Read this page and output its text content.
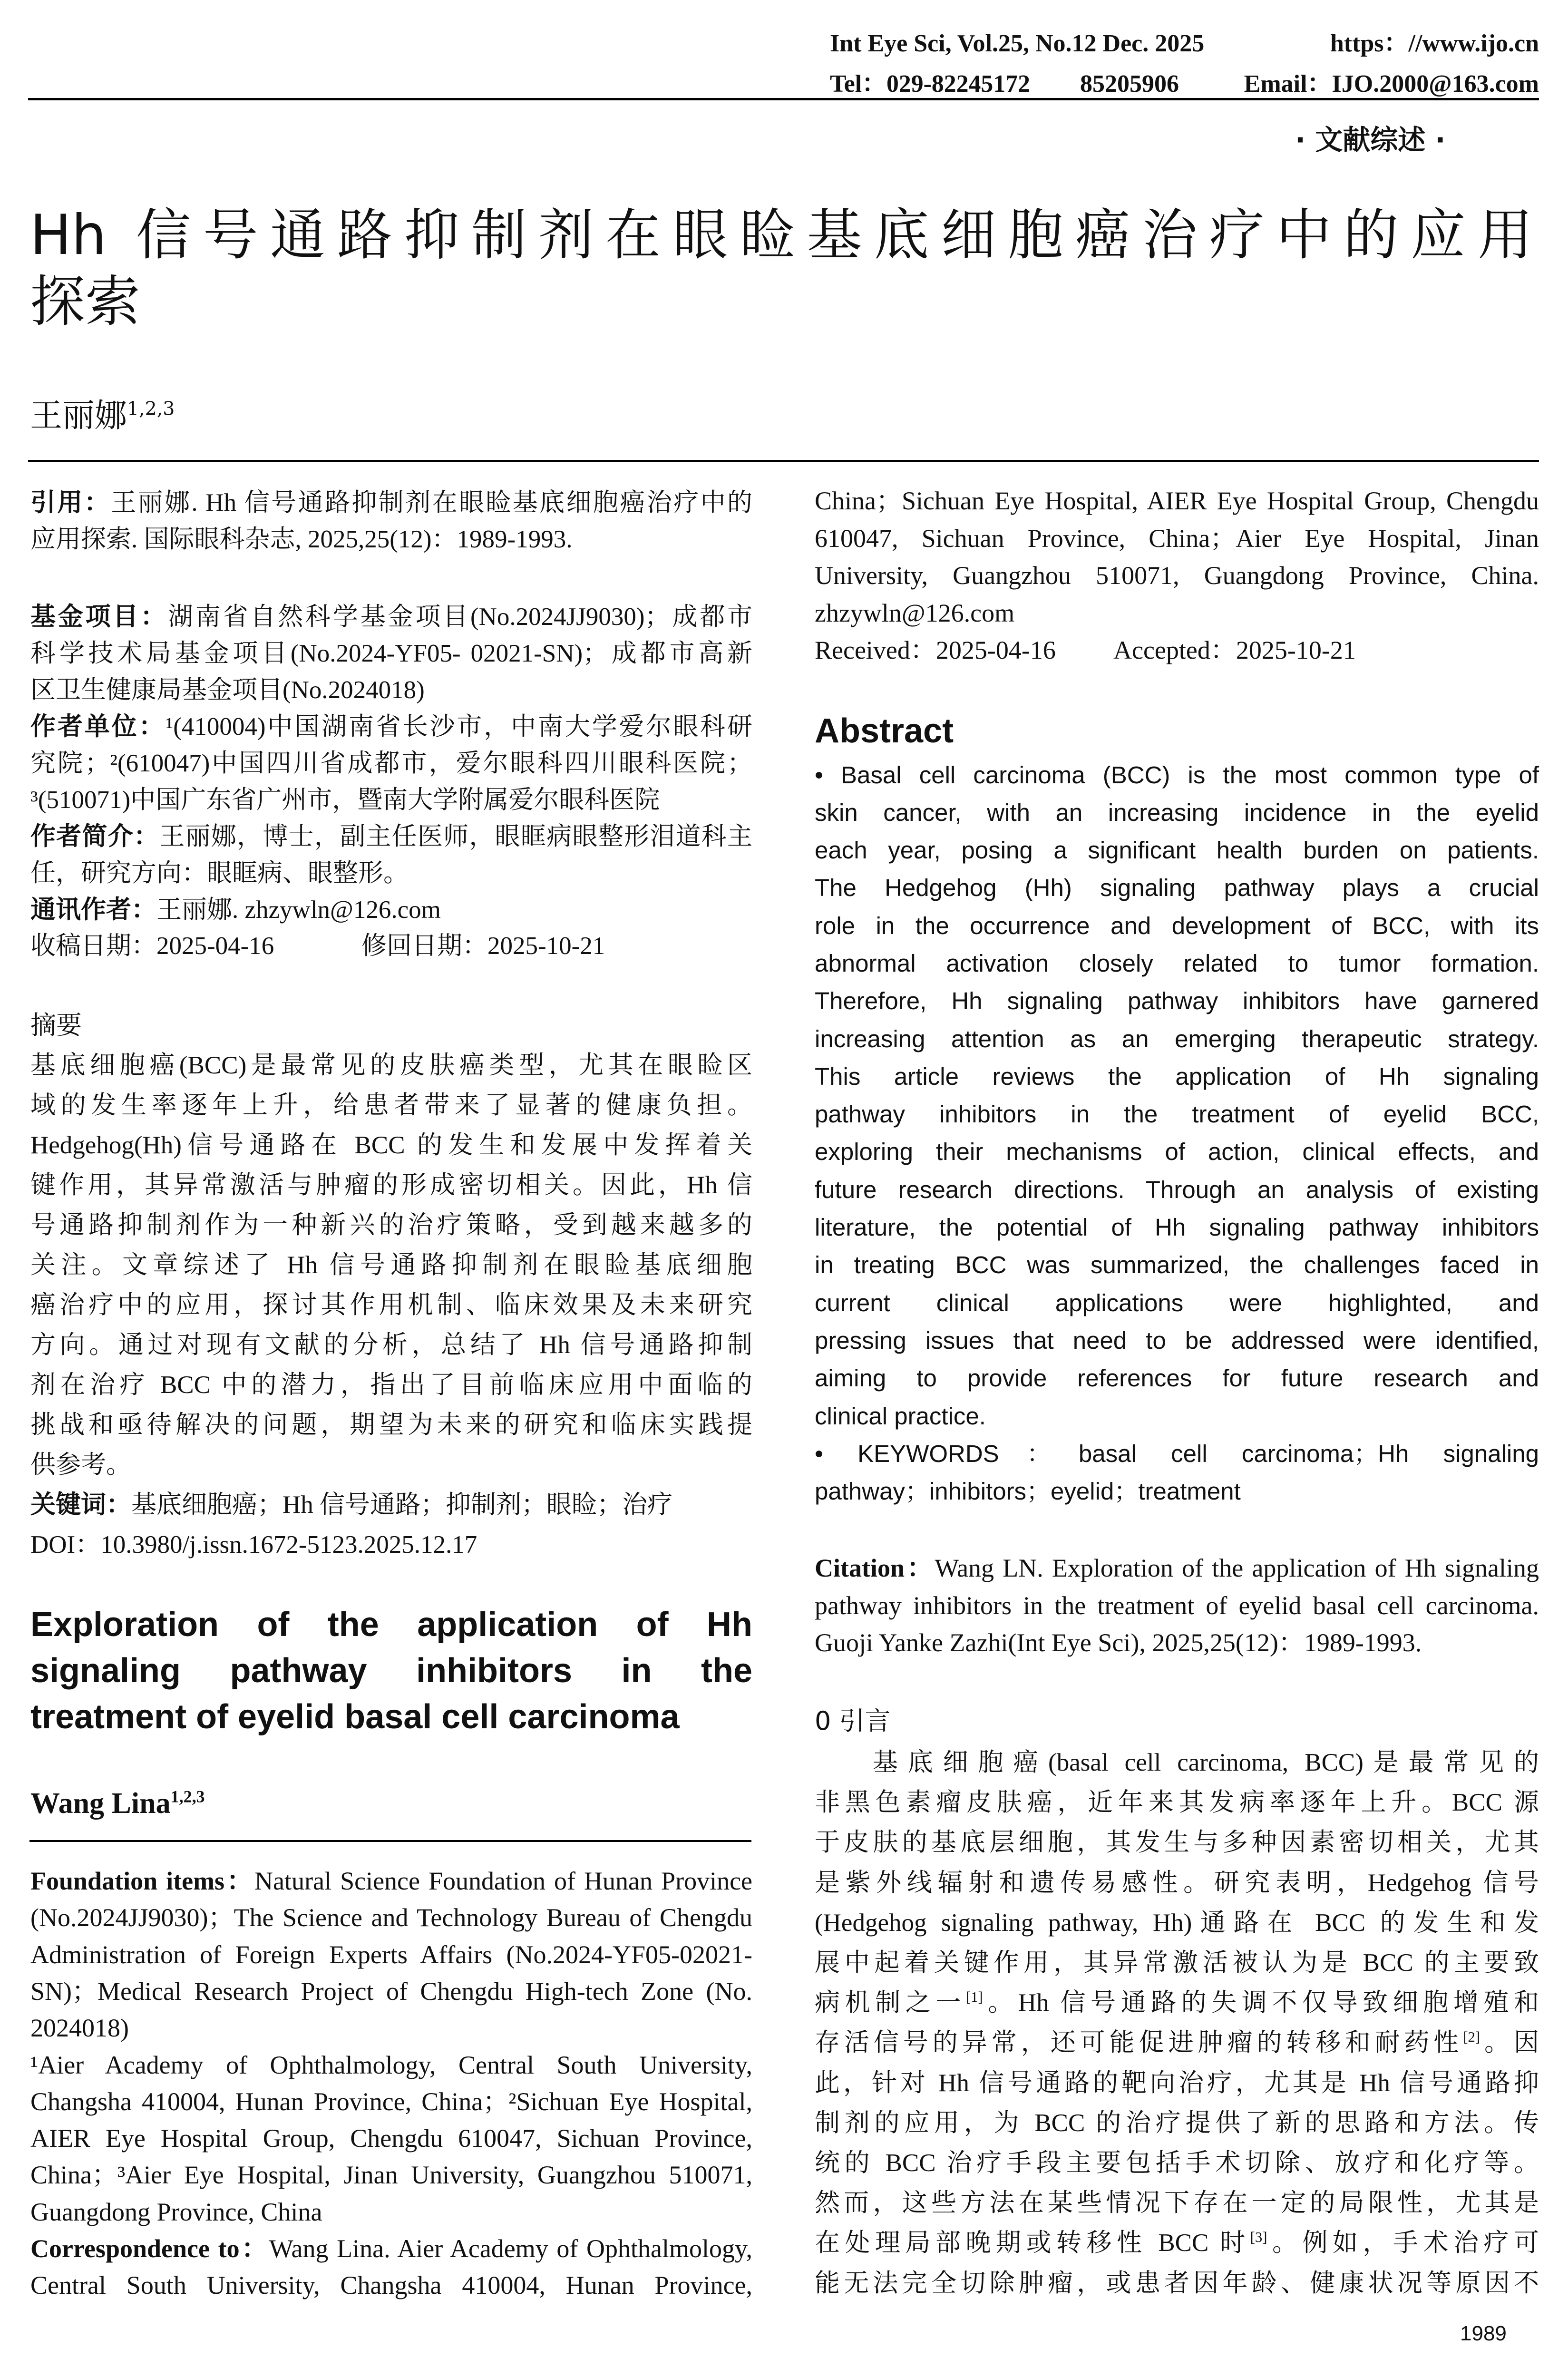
Int Eye Sci, Vol.25, No.12 Dec. 2025	https：//www.ijo.cn
Tel：029-82245172 85205906	Email：IJO.2000@163.com
· 文献综述 ·
Hh 信号通路抑制剂在眼睑基底细胞癌治疗中的应用
探索
王丽娜$^{1,2,3}$
引用：王丽娜. Hh 信号通路抑制剂在眼睑基底细胞癌治疗中的
应用探索. 国际眼科杂志, 2025,25(12)：1989-1993.
基金项目：湖南省自然科学基金项目(No.2024JJ9030)；成都市
科学技术局基金项目(No.2024-YF05- 02021-SN)；成都市高新
区卫生健康局基金项目(No.2024018)
作者单位：¹(410004)中国湖南省长沙市，中南大学爱尔眼科研
究院；²(610047)中国四川省成都市，爱尔眼科四川眼科医院；
³(510071)中国广东省广州市，暨南大学附属爱尔眼科医院
作者简介：王丽娜，博士，副主任医师，眼眶病眼整形泪道科主
任，研究方向：眼眶病、眼整形。
通讯作者：王丽娜. zhzywln@126.com
收稿日期：2025-04-16	修回日期：2025-10-21
摘要
基底细胞癌(BCC)是最常见的皮肤癌类型，尤其在眼睑区
域的发生率逐年上升，给患者带来了显著的健康负担。
Hedgehog(Hh)信号通路在 BCC 的发生和发展中发挥着关
键作用，其异常激活与肿瘤的形成密切相关。因此，Hh 信
号通路抑制剂作为一种新兴的治疗策略，受到越来越多的
关注。文章综述了 Hh 信号通路抑制剂在眼睑基底细胞
癌治疗中的应用，探讨其作用机制、临床效果及未来研究
方向。通过对现有文献的分析，总结了 Hh 信号通路抑制
剂在治疗 BCC 中的潜力，指出了目前临床应用中面临的
挑战和亟待解决的问题，期望为未来的研究和临床实践提
供参考。
关键词：基底细胞癌；Hh 信号通路；抑制剂；眼睑；治疗
DOI：10.3980/j.issn.1672-5123.2025.12.17
Exploration of the application of Hh
signaling pathway inhibitors in the
treatment of eyelid basal cell carcinoma
Wang Lina$^{1,2,3}$
Foundation items：Natural Science Foundation of Hunan Province
(No.2024JJ9030)；The Science and Technology Bureau of Chengdu
Administration of Foreign Experts Affairs (No.2024-YF05-02021-
SN)；Medical Research Project of Chengdu High-tech Zone (No.
2024018)
¹Aier Academy of Ophthalmology, Central South University,
Changsha 410004, Hunan Province, China；²Sichuan Eye Hospital,
AIER Eye Hospital Group, Chengdu 610047, Sichuan Province,
China；³Aier Eye Hospital, Jinan University, Guangzhou 510071,
Guangdong Province, China
Correspondence to：Wang Lina. Aier Academy of Ophthalmology,
Central South University, Changsha 410004, Hunan Province,
China；Sichuan Eye Hospital, AIER Eye Hospital Group, Chengdu
610047, Sichuan Province, China；Aier Eye Hospital, Jinan
University, Guangzhou 510071, Guangdong Province, China.
zhzywln@126.com
Received：2025-04-16	Accepted：2025-10-21
Abstract
• Basal cell carcinoma (BCC) is the most common type of
skin cancer, with an increasing incidence in the eyelid
each year, posing a significant health burden on patients.
The Hedgehog (Hh) signaling pathway plays a crucial
role in the occurrence and development of BCC, with its
abnormal activation closely related to tumor formation.
Therefore, Hh signaling pathway inhibitors have garnered
increasing attention as an emerging therapeutic strategy.
This article reviews the application of Hh signaling
pathway inhibitors in the treatment of eyelid BCC,
exploring their mechanisms of action, clinical effects, and
future research directions. Through an analysis of existing
literature, the potential of Hh signaling pathway inhibitors
in treating BCC was summarized, the challenges faced in
current clinical applications were highlighted, and
pressing issues that need to be addressed were identified,
aiming to provide references for future research and
clinical practice.
• KEYWORDS：basal cell carcinoma；Hh signaling
pathway；inhibitors；eyelid；treatment
Citation：Wang LN. Exploration of the application of Hh signaling
pathway inhibitors in the treatment of eyelid basal cell carcinoma.
Guoji Yanke Zazhi(Int Eye Sci), 2025,25(12)：1989-1993.
0 引言
基底细胞癌(basal cell carcinoma, BCC)是最常见的
非黑色素瘤皮肤癌，近年来其发病率逐年上升。BCC 源
于皮肤的基底层细胞，其发生与多种因素密切相关，尤其
是紫外线辐射和遗传易感性。研究表明，Hedgehog 信号
(Hedgehog signaling pathway, Hh)通路在 BCC 的发生和发
展中起着关键作用，其异常激活被认为是 BCC 的主要致
病机制之一[1]。Hh 信号通路的失调不仅导致细胞增殖和
存活信号的异常，还可能促进肿瘤的转移和耐药性[2]。因
此，针对 Hh 信号通路的靶向治疗，尤其是 Hh 信号通路抑
制剂的应用，为 BCC 的治疗提供了新的思路和方法。传
统的 BCC 治疗手段主要包括手术切除、放疗和化疗等。
然而，这些方法在某些情况下存在一定的局限性，尤其是
在处理局部晚期或转移性 BCC 时[3]。例如，手术治疗可
能无法完全切除肿瘤，或患者因年龄、健康状况等原因不
1989
